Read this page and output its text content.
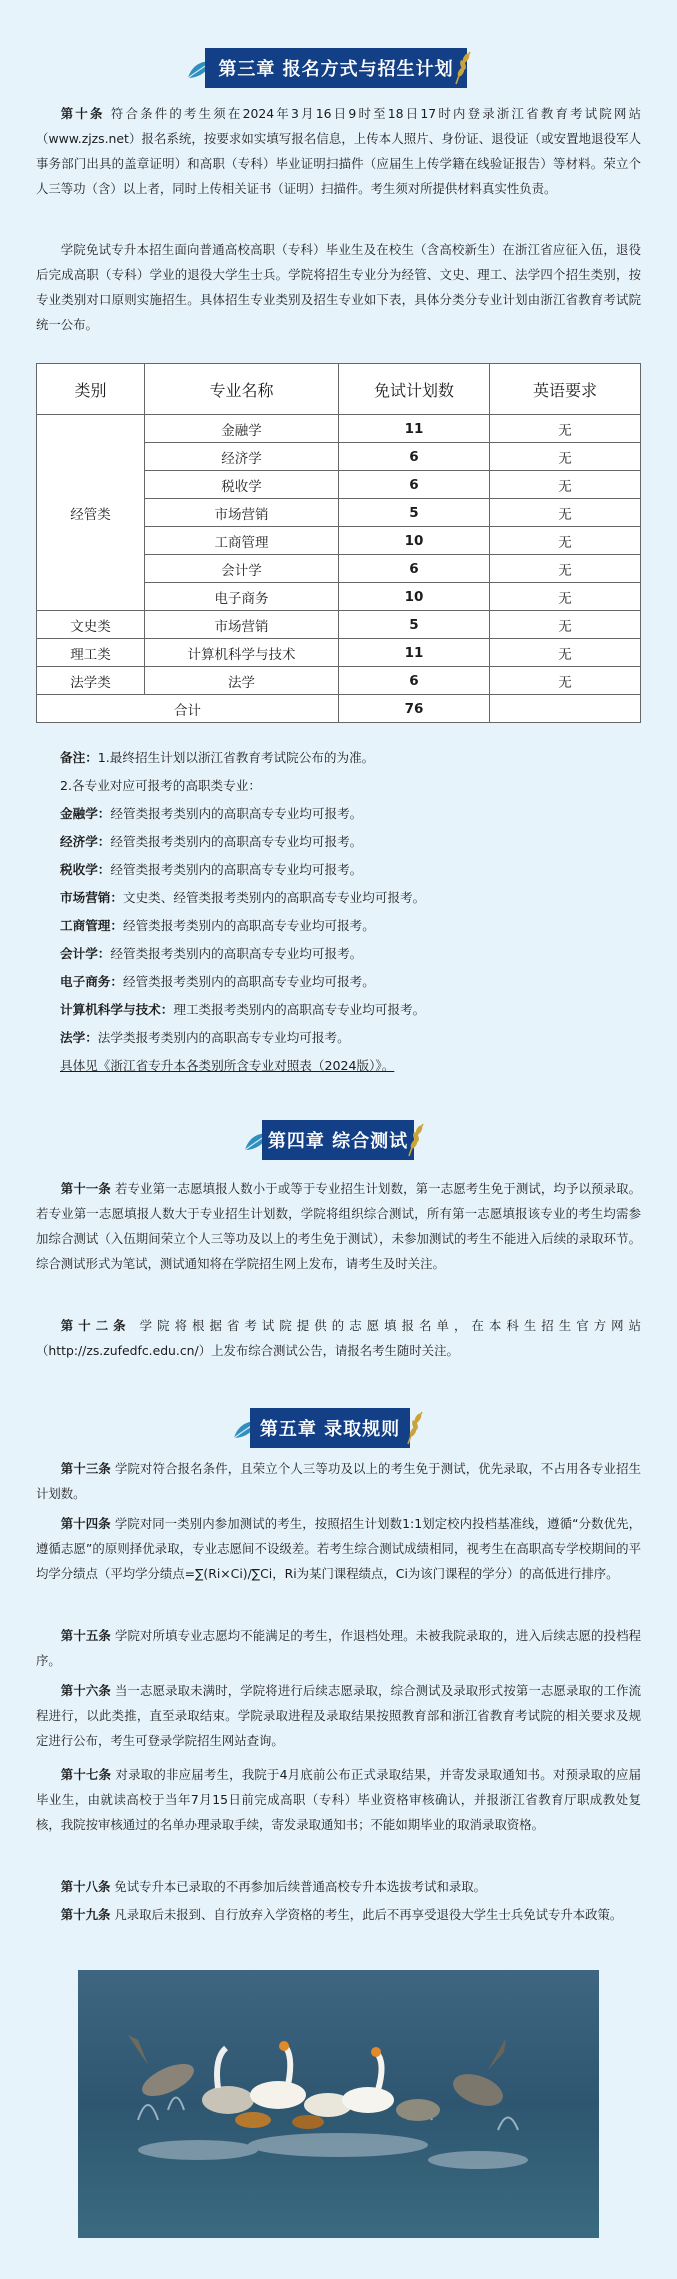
第三章 报名方式与招生计划

第十条 符合条件的考生须在2024年3月16日9时至18日17时内登录浙江省教育考试院网站（www.zjzs.net）报名系统，按要求如实填写报名信息，上传本人照片、身份证、退役证（或安置地退役军人事务部门出具的盖章证明）和高职（专科）毕业证明扫描件（应届生上传学籍在线验证报告）等材料。荣立个人三等功（含）以上者，同时上传相关证书（证明）扫描件。考生须对所提供材料真实性负责。

学院免试专升本招生面向普通高校高职（专科）毕业生及在校生（含高校新生）在浙江省应征入伍，退役后完成高职（专科）学业的退役大学生士兵。学院将招生专业分为经管、文史、理工、法学四个招生类别，按专业类别对口原则实施招生。具体招生专业类别及招生专业如下表，具体分类分专业计划由浙江省教育考试院统一公布。

类别	专业名称	免试计划数	英语要求
经管类	金融学	11	无
	经济学	6	无
	税收学	6	无
	市场营销	5	无
	工商管理	10	无
	会计学	6	无
	电子商务	10	无
文史类	市场营销	5	无
理工类	计算机科学与技术	11	无
法学类	法学	6	无
合计		76	
备注：1.最终招生计划以浙江省教育考试院公布的为准。
2.各专业对应可报考的高职类专业：
金融学：经管类报考类别内的高职高专专业均可报考。
经济学：经管类报考类别内的高职高专专业均可报考。
税收学：经管类报考类别内的高职高专专业均可报考。
市场营销：文史类、经管类报考类别内的高职高专专业均可报考。
工商管理：经管类报考类别内的高职高专专业均可报考。
会计学：经管类报考类别内的高职高专专业均可报考。
电子商务：经管类报考类别内的高职高专专业均可报考。
计算机科学与技术：理工类报考类别内的高职高专专业均可报考。
法学：法学类报考类别内的高职高专专业均可报考。
具体见《浙江省专升本各类别所含专业对照表（2024版）》。
第四章 综合测试

第十一条 若专业第一志愿填报人数小于或等于专业招生计划数，第一志愿考生免于测试，均予以预录取。若专业第一志愿填报人数大于专业招生计划数，学院将组织综合测试，所有第一志愿填报该专业的考生均需参加综合测试（入伍期间荣立个人三等功及以上的考生免于测试），未参加测试的考生不能进入后续的录取环节。综合测试形式为笔试，测试通知将在学院招生网上发布，请考生及时关注。

第十二条 学院将根据省考试院提供的志愿填报名单，在本科生招生官方网站（http://zs.zufedfc.edu.cn/）上发布综合测试公告，请报名考生随时关注。

第五章 录取规则

第十三条 学院对符合报名条件，且荣立个人三等功及以上的考生免于测试，优先录取，不占用各专业招生计划数。

第十四条 学院对同一类别内参加测试的考生，按照招生计划数1:1划定校内投档基准线，遵循“分数优先，遵循志愿”的原则择优录取，专业志愿间不设级差。若考生综合测试成绩相同，视考生在高职高专学校期间的平均学分绩点（平均学分绩点=∑(Ri×Ci)/∑Ci，Ri为某门课程绩点，Ci为该门课程的学分）的高低进行排序。

第十五条 学院对所填专业志愿均不能满足的考生，作退档处理。未被我院录取的，进入后续志愿的投档程序。

第十六条 当一志愿录取未满时，学院将进行后续志愿录取，综合测试及录取形式按第一志愿录取的工作流程进行，以此类推，直至录取结束。学院录取进程及录取结果按照教育部和浙江省教育考试院的相关要求及规定进行公布，考生可登录学院招生网站查询。

第十七条 对录取的非应届考生，我院于4月底前公布正式录取结果，并寄发录取通知书。对预录取的应届毕业生，由就读高校于当年7月15日前完成高职（专科）毕业资格审核确认，并报浙江省教育厅职成教处复核，我院按审核通过的名单办理录取手续，寄发录取通知书；不能如期毕业的取消录取资格。

第十八条 免试专升本已录取的不再参加后续普通高校专升本选拔考试和录取。

第十九条 凡录取后未报到、自行放弃入学资格的考生，此后不再享受退役大学生士兵免试专升本政策。
